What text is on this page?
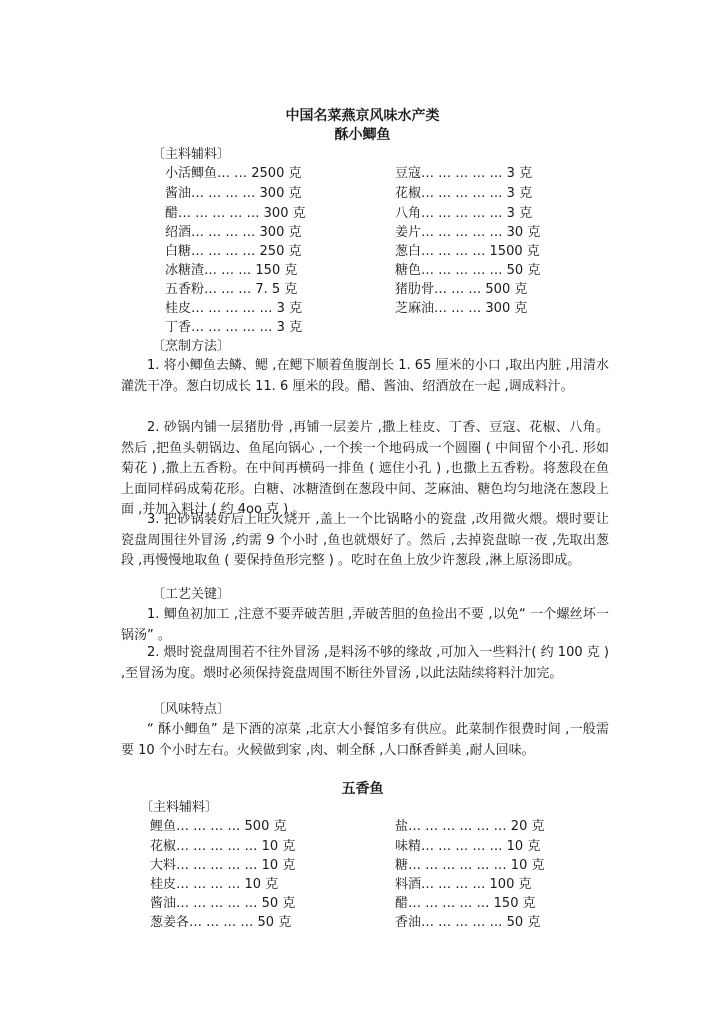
中国名菜燕京风味水产类
酥小鲫鱼
〔主料辅料〕
小活鲫鱼… … 2500 克
酱油… … … … 300 克
醋… … … … … 300 克
绍酒… … … … 300 克
白糖… … … … 250 克
冰糖渣… … … 150 克
五香粉… … … 7. 5 克
桂皮… … … … … 3 克
丁香… … … … … 3 克
豆寇… … … … … 3 克
花椒… … … … … 3 克
八角… … … … … 3 克
姜片… … … … … 30 克
葱白… … … … 1500 克
糖色… … … … … 50 克
猪肋骨… … … 500 克
芝麻油… … … 300 克
〔烹制方法〕
1. 将小鲫鱼去鳞、鳃 ,在鳃下顺着鱼腹剖长 1. 65 厘米的小口 ,取出内脏 ,用清水灌洗干净。葱白切成长 11. 6 厘米的段。醋、酱油、绍酒放在一起 ,调成料汁。
2. 砂锅内铺一层猪肋骨 ,再铺一层姜片 ,撒上桂皮、丁香、豆寇、花椒、八角。然后 ,把鱼头朝锅边、鱼尾向锅心 ,一个挨一个地码成一个圆圈 ( 中间留个小孔. 形如菊花 ) ,撒上五香粉。在中间再横码一排鱼 ( 遮住小孔 ) ,也撒上五香粉。将葱段在鱼上面同样码成菊花形。白糖、冰糖渣倒在葱段中间、芝麻油、糖色均匀地浇在葱段上面 ,并加入料汁 ( 约 4oo 克 ) 。
3. 把砂锅装好后上旺火烧开 ,盖上一个比锅略小的瓷盘 ,改用微火煨。煨时要让瓷盘周围往外冒汤 ,约需 9 个小时 ,鱼也就煨好了。然后 ,去掉瓷盘晾一夜 ,先取出葱段 ,再慢慢地取鱼 ( 要保持鱼形完整 ) 。吃时在鱼上放少许葱段 ,淋上原汤即成。
〔工艺关键〕
1. 鲫鱼初加工 ,注意不要弄破苦胆 ,弄破苦胆的鱼捡出不要 ,以免“ 一个螺丝坏一锅汤” 。
2. 煨时瓷盘周围若不往外冒汤 ,是料汤不够的缘故 ,可加入一些料汁( 约 100 克 ) ,至冒汤为度。煨时必须保持瓷盘周围不断往外冒汤 ,以此法陆续将料汁加完。
〔风味特点〕
“ 酥小鲫鱼” 是下酒的凉菜 ,北京大小餐馆多有供应。此菜制作很费时间 ,一般需要 10 个小时左右。火候做到家 ,肉、刺全酥 ,人口酥香鲜美 ,耐人回味。
五香鱼
〔主料辅料〕
鲤鱼… … … … 500 克
花椒… … … … … 10 克
大料… … … … … 10 克
桂皮… … … … 10 克
酱油… … … … … 50 克
葱姜各… … … … 50 克
盐… … … … … … 20 克
味精… … … … … 10 克
糖… … … … … … 10 克
料酒… … … … 100 克
醋… … … … … 150 克
香油… … … … … 50 克
